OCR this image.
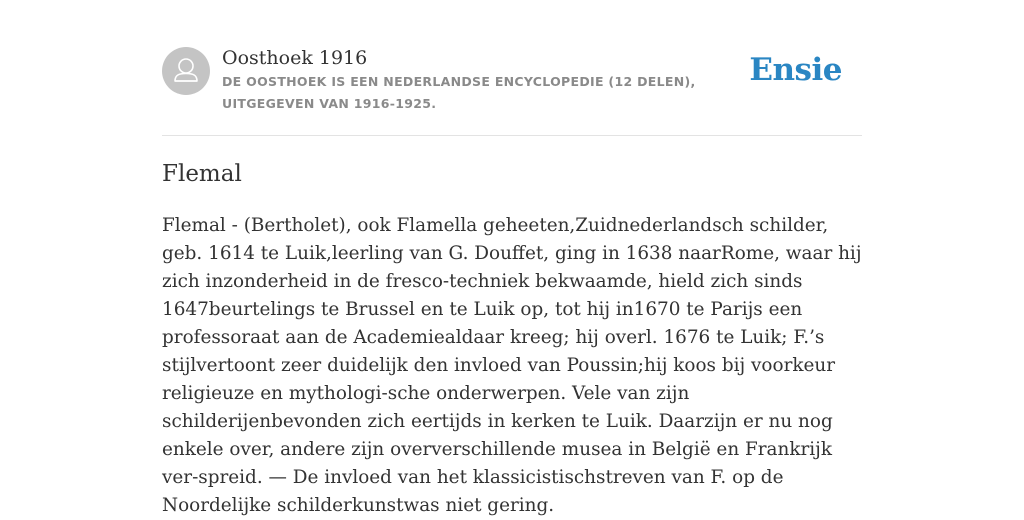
Oosthoek 1916
DE OOSTHOEK IS EEN NEDERLANDSE ENCYCLOPEDIE (12 DELEN), UITGEGEVEN VAN 1916-1925.
Ensie
Flemal

Flemal - (Bertholet), ook Flamella geheeten,Zuidnederlandsch schilder, geb. 1614 te Luik,leerling van G. Douffet, ging in 1638 naarRome, waar hij zich inzonderheid in de fresco-techniek bekwaamde, hield zich sinds 1647beurtelings te Brussel en te Luik op, tot hij in1670 te Parijs een professoraat aan de Academiealdaar kreeg; hij overl. 1676 te Luik; F.’s stijlvertoont zeer duidelijk den invloed van Poussin;hij koos bij voorkeur religieuze en mythologi-sche onderwerpen. Vele van zijn schilderijenbevonden zich eertijds in kerken te Luik. Daarzijn er nu nog enkele over, andere zijn oververschillende musea in België en Frankrijk ver-spreid. — De invloed van het klassicistischstreven van F. op de Noordelijke schilderkunstwas niet gering.
